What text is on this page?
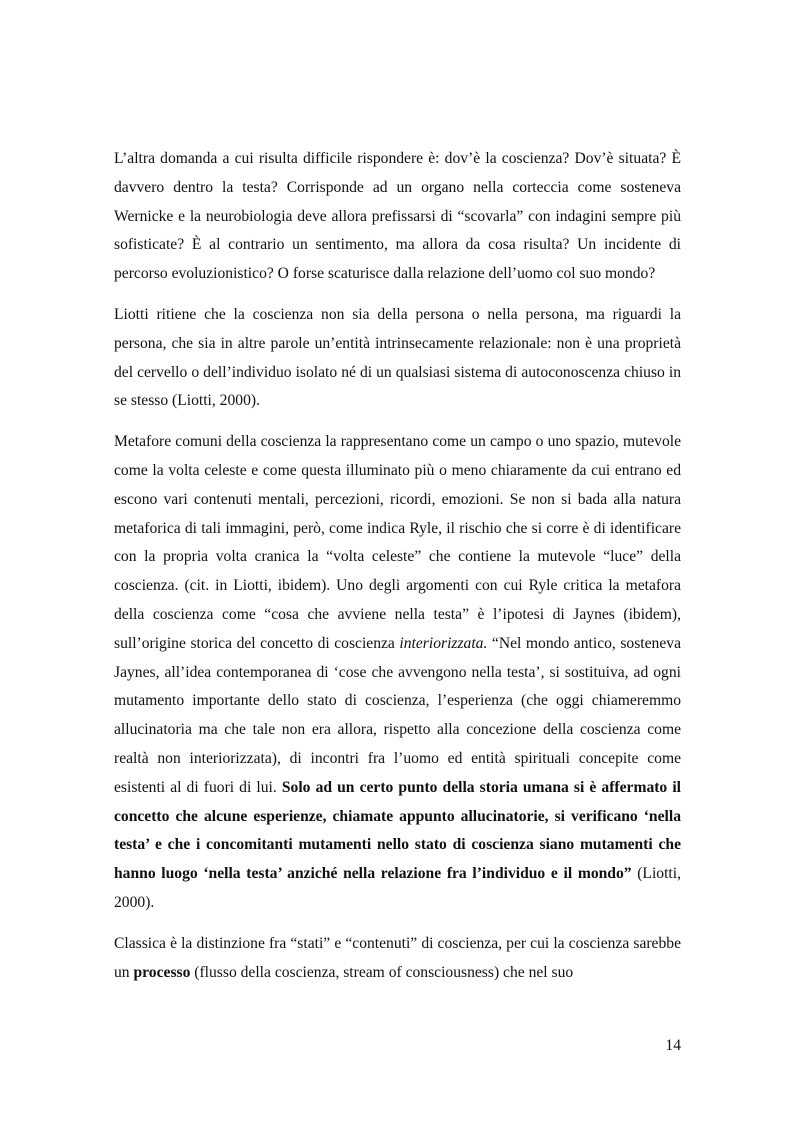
L’altra domanda a cui risulta difficile rispondere è: dov’è la coscienza? Dov’è situata? È davvero dentro la testa? Corrisponde ad un organo nella corteccia come sosteneva Wernicke e la neurobiologia deve allora prefissarsi di “scovarla” con indagini sempre più sofisticate? È al contrario un sentimento, ma allora da cosa risulta? Un incidente di percorso evoluzionistico? O forse scaturisce dalla relazione dell’uomo col suo mondo?

Liotti ritiene che la coscienza non sia della persona o nella persona, ma riguardi la persona, che sia in altre parole un’entità intrinsecamente relazionale: non è una proprietà del cervello o dell’individuo isolato né di un qualsiasi sistema di autoconoscenza chiuso in se stesso (Liotti, 2000).

Metafore comuni della coscienza la rappresentano come un campo o uno spazio, mutevole come la volta celeste e come questa illuminato più o meno chiaramente da cui entrano ed escono vari contenuti mentali, percezioni, ricordi, emozioni. Se non si bada alla natura metaforica di tali immagini, però, come indica Ryle, il rischio che si corre è di identificare con la propria volta cranica la “volta celeste” che contiene la mutevole “luce” della coscienza. (cit. in Liotti, ibidem). Uno degli argomenti con cui Ryle critica la metafora della coscienza come “cosa che avviene nella testa” è l’ipotesi di Jaynes (ibidem), sull’origine storica del concetto di coscienza interiorizzata. “Nel mondo antico, sosteneva Jaynes, all’idea contemporanea di ‘cose che avvengono nella testa’, si sostituiva, ad ogni mutamento importante dello stato di coscienza, l’esperienza (che oggi chiameremmo allucinatoria ma che tale non era allora, rispetto alla concezione della coscienza come realtà non interiorizzata), di incontri fra l’uomo ed entità spirituali concepite come esistenti al di fuori di lui. Solo ad un certo punto della storia umana si è affermato il concetto che alcune esperienze, chiamate appunto allucinatorie, si verificano ‘nella testa’ e che i concomitanti mutamenti nello stato di coscienza siano mutamenti che hanno luogo ‘nella testa’ anziché nella relazione fra l’individuo e il mondo” (Liotti, 2000).

Classica è la distinzione fra “stati” e “contenuti” di coscienza, per cui la coscienza sarebbe un processo (flusso della coscienza, stream of consciousness) che nel suo

14
